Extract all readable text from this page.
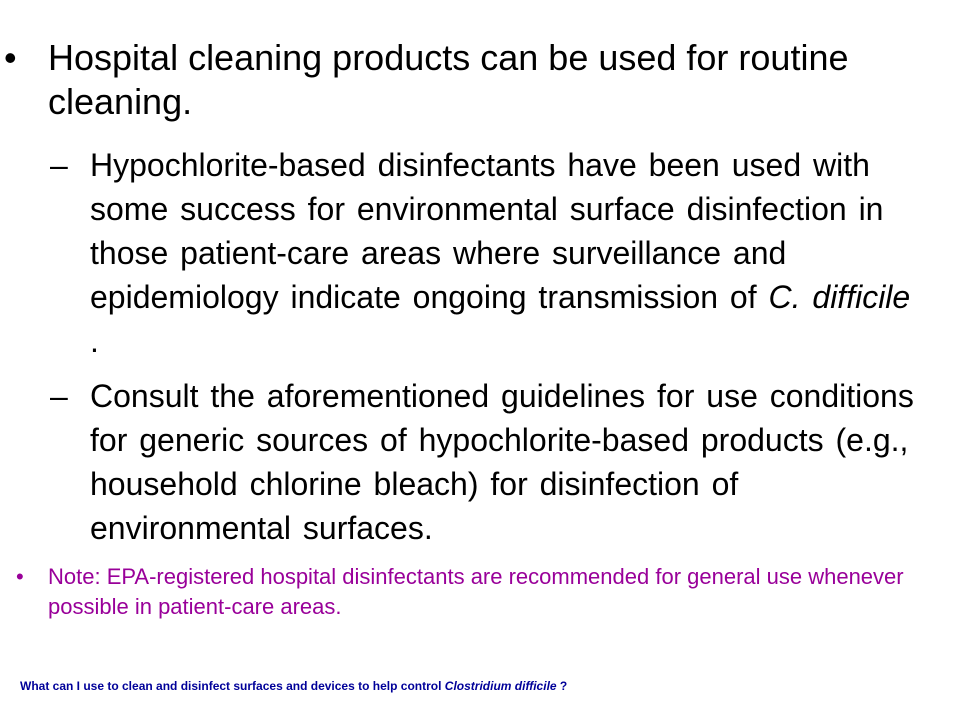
• Hospital cleaning products can be used for routine cleaning.
– Hypochlorite-based disinfectants have been used with some success for environmental surface disinfection in those patient-care areas where surveillance and epidemiology indicate ongoing transmission of C. difficile .
– Consult the aforementioned guidelines for use conditions for generic sources of hypochlorite-based products (e.g., household chlorine bleach) for disinfection of environmental surfaces.
• Note: EPA-registered hospital disinfectants are recommended for general use whenever possible in patient-care areas.
What can I use to clean and disinfect surfaces and devices to help control Clostridium difficile ?
